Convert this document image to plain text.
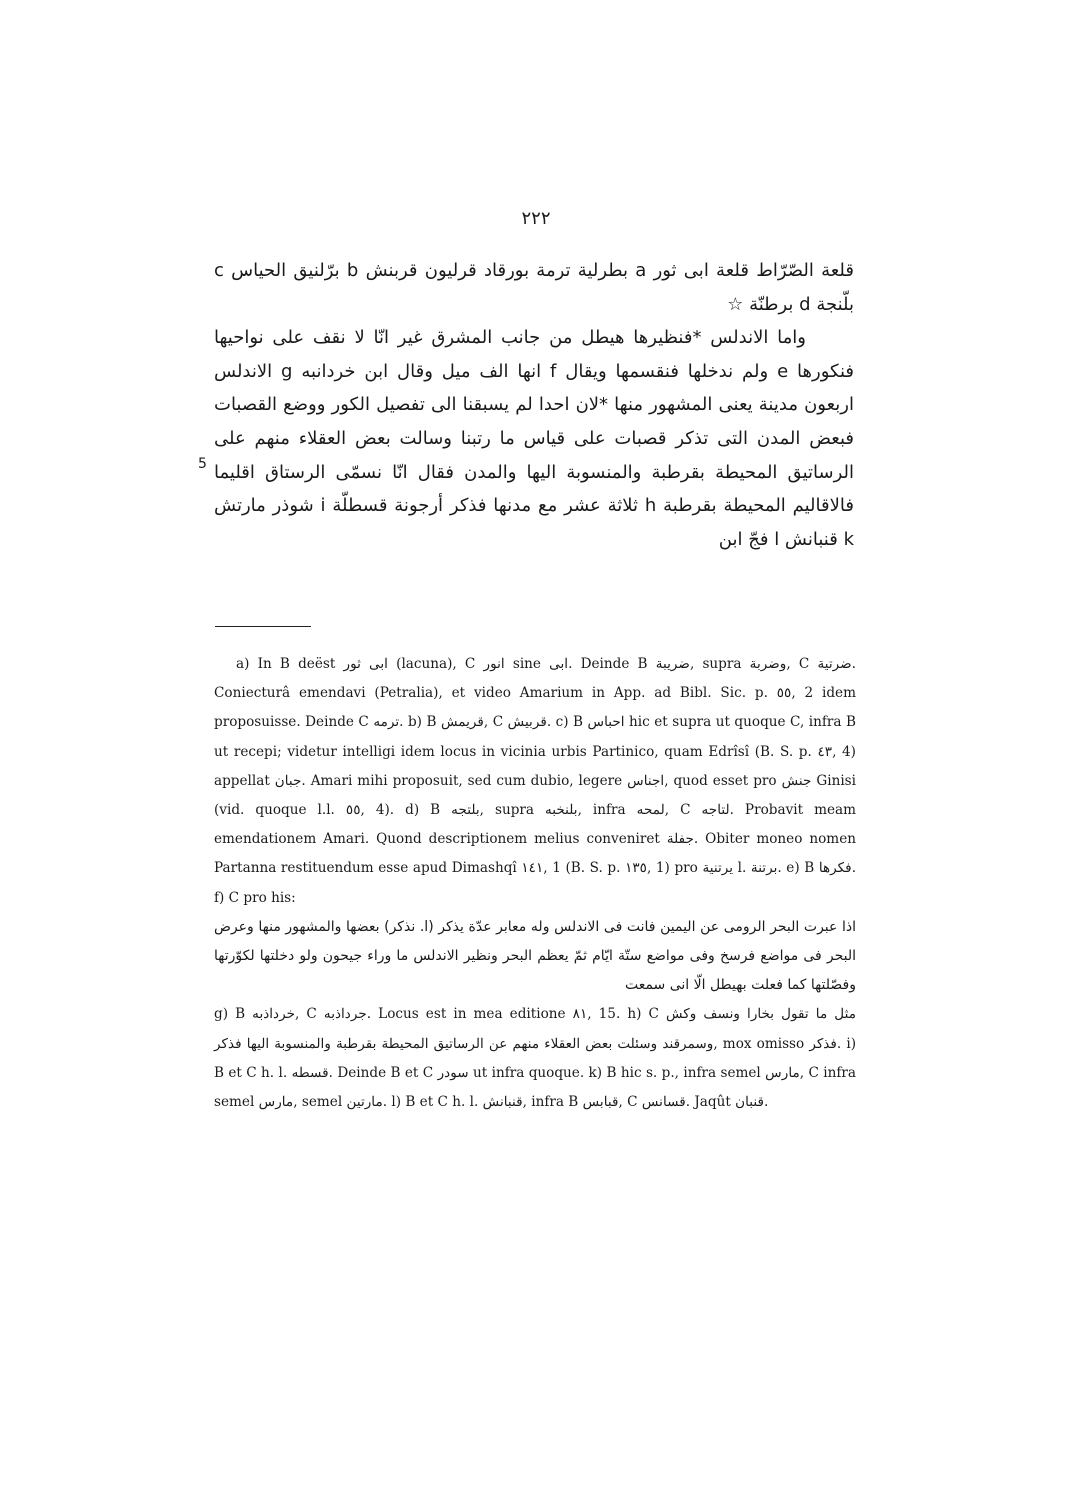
٢٢٢

قلعة الصّرّاط قلعة ابى ثور a بطرلية ترمة بورقاد قرليون قربنش b برّلنيق الحياس c بلّنجة d برطنّة ☆

واما الاندلس *فنظيرها هيطل من جانب المشرق غير انّا لا نقف على نواحيها فنكورها e ولم ندخلها فنقسمها ويقال f انها الف ميل وقال ابن خردانبه g الاندلس اربعون مدينة يعنى المشهور منها *لان احدا لم يسبقنا الى تفصيل الكور ووضع القصبات فبعض المدن التى تذكر قصبات على قياس ما رتبنا وسالت بعض العقلاء منهم على الرساتيق المحيطة بقرطبة والمنسوبة اليها والمدن فقال انّا نسمّى الرستاق اقليما فالاقاليم المحيطة بقرطبة h ثلاثة عشر مع مدنها فذكر أرجونة قسطلّة i شوذر مارتش k قنبانش l فجّ ابن

5

a) In B deëst ابى ثور (lacuna), C انور sine ابى. Deinde B ضريبة, supra وضربة, C ضرتية. Coniecturâ emendavi (Petralia), et video Amarium in App. ad Bibl. Sic. p. ٥٥, 2 idem proposuisse. Deinde C ترمه. b) B قريمش, C قربيش. c) B احباس hic et supra ut quoque C, infra B ut recepi; videtur intelligi idem locus in vicinia urbis Partinico, quam Edrîsî (B. S. p. ٤٣, 4) appellat جبان. Amari mihi proposuit, sed cum dubio, legere اجناس, quod esset pro جنش Ginisi (vid. quoque l.l. ٥٥, 4). d) B بلتجه, supra بلنخبه, infra لمحه, C لتاجه. Probavit meam emendationem Amari. Quond descriptionem melius conveniret جفلة. Obiter moneo nomen Partanna restituendum esse apud Dimashqî ١٤١, 1 (B. S. p. ١٣٥, 1) pro يرتنية l. برتنة. e) B فكرها. f) C pro his:

اذا عبرت البحر الرومى عن اليمين فانت فى الاندلس وله معابر عدّة يذكر (l. نذكر) بعضها والمشهور منها وعرض البحر فى مواضع فرسخ وفى مواضع ستّة ايّام ثمّ يعظم البحر ونظير الاندلس ما وراء جيحون ولو دخلتها لكوّرتها وفصّلتها كما فعلت بهيطل الّا انى سمعت

g) B خرداذبه, C جرداذبه. Locus est in mea editione ٨١, 15. h) C مثل ما تقول بخارا ونسف وكش وسمرقند وسئلت بعض العقلاء منهم عن الرساتيق المحيطة بقرطبة والمنسوبة اليها فذكر, mox omisso فذكر. i) B et C h. l. قسطه. Deinde B et C سودر ut infra quoque. k) B hic s. p., infra semel مارس, C infra semel مارس, semel مارتين. l) B et C h. l. قنبانش, infra B قبابس, C قسانس. Jaqût قنبان.
